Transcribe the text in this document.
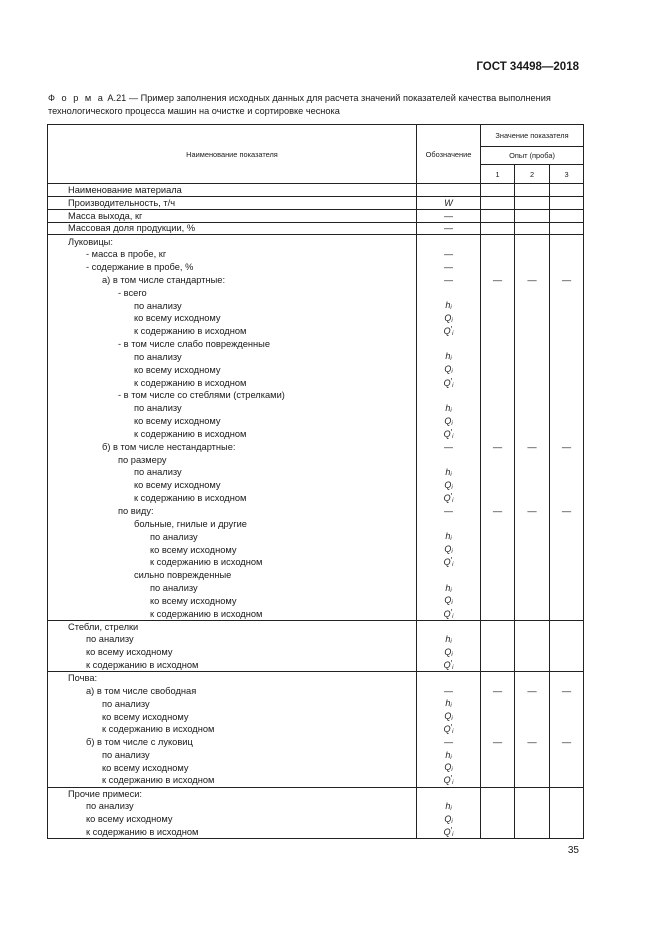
ГОСТ 34498—2018
Ф о р м а А.21 — Пример заполнения исходных данных для расчета значений показателей качества выполнения технологического процесса машин на очистке и сортировке чеснока
Наименование показателя	Обозначение	Значение показателя		
		Опыт (проба)		
		1	2	3
Наименование материала				
Производительность, т/ч	W			
Масса выхода, кг	—			
Массовая доля продукции, %	—			
Луковицы:				
- масса в пробе, кг	—			
- содержание в пробе, %	—			
а) в том числе стандартные:	—	—	—	—
- всего				
по анализу	hi			
ко всему исходному	Qi			
к содержанию в исходном	Q′i			
- в том числе слабо поврежденные				
по анализу	hi			
ко всему исходному	Qi			
к содержанию в исходном	Q′i			
- в том числе со стеблями (стрелками)				
по анализу	hi			
ко всему исходному	Qi			
к содержанию в исходном	Q′i			
б) в том числе нестандартные:	—	—	—	—
по размеру				
по анализу	hi			
ко всему исходному	Qi			
к содержанию в исходном	Q′i			
по виду:	—	—	—	—
больные, гнилые и другие				
по анализу	hi			
ко всему исходному	Qi			
к содержанию в исходном	Q′i			
сильно поврежденные				
по анализу	hi			
ко всему исходному	Qi			
к содержанию в исходном	Q′i			
Стебли, стрелки				
по анализу	hi			
ко всему исходному	Qi			
к содержанию в исходном	Q′i			
Почва:				
а) в том числе свободная	—	—	—	—
по анализу	hi			
ко всему исходному	Qi			
к содержанию в исходном	Q′i			
б) в том числе с луковиц	—	—	—	—
по анализу	hi			
ко всему исходному	Qi			
к содержанию в исходном	Q′i			
Прочие примеси:				
по анализу	hi			
ко всему исходному	Qi			
к содержанию в исходном	Q′i			
35
